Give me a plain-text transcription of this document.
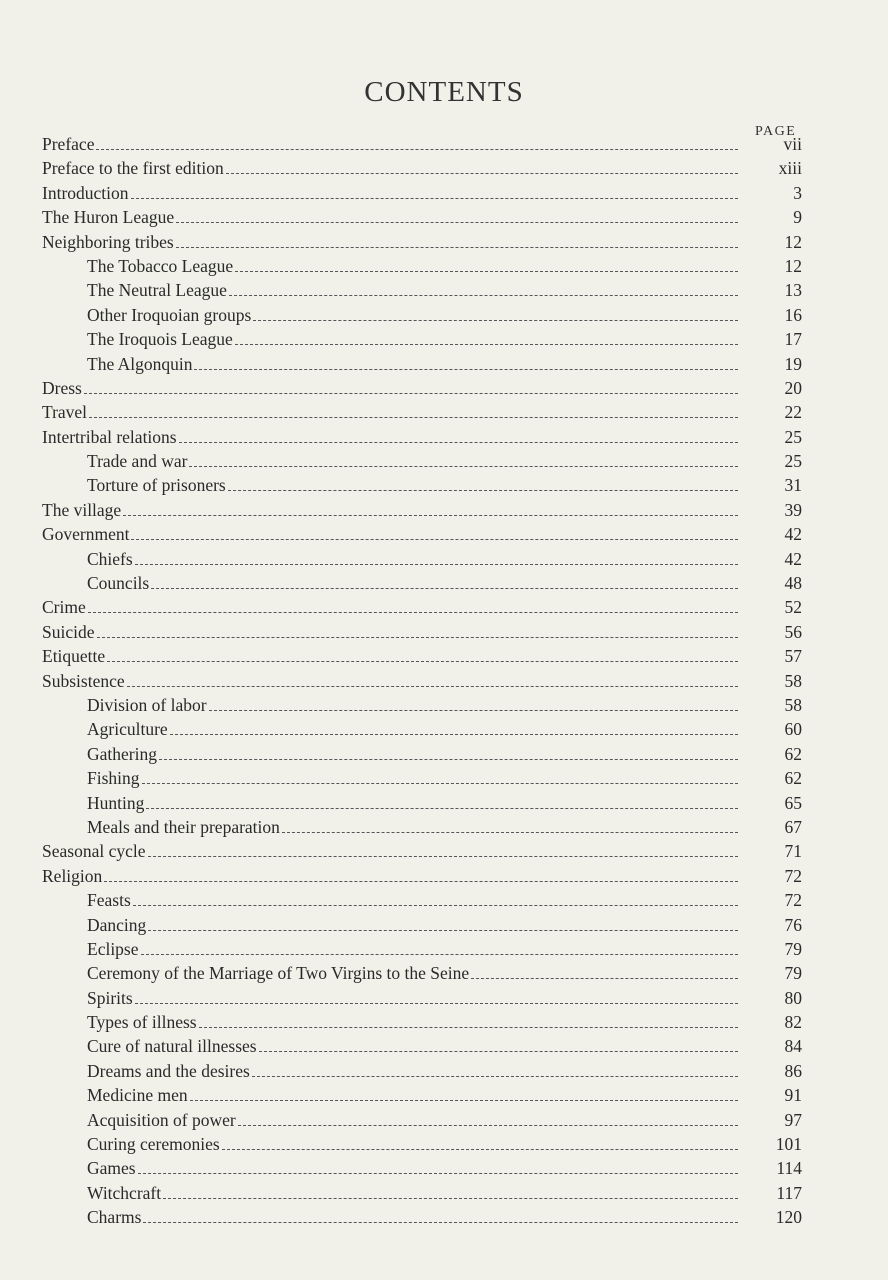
CONTENTS
PAGE
Preface	vii
Preface to the first edition	xiii
Introduction	3
The Huron League	9
Neighboring tribes	12
The Tobacco League	12
The Neutral League	13
Other Iroquoian groups	16
The Iroquois League	17
The Algonquin	19
Dress	20
Travel	22
Intertribal relations	25
Trade and war	25
Torture of prisoners	31
The village	39
Government	42
Chiefs	42
Councils	48
Crime	52
Suicide	56
Etiquette	57
Subsistence	58
Division of labor	58
Agriculture	60
Gathering	62
Fishing	62
Hunting	65
Meals and their preparation	67
Seasonal cycle	71
Religion	72
Feasts	72
Dancing	76
Eclipse	79
Ceremony of the Marriage of Two Virgins to the Seine	79
Spirits	80
Types of illness	82
Cure of natural illnesses	84
Dreams and the desires	86
Medicine men	91
Acquisition of power	97
Curing ceremonies	101
Games	114
Witchcraft	117
Charms	120
